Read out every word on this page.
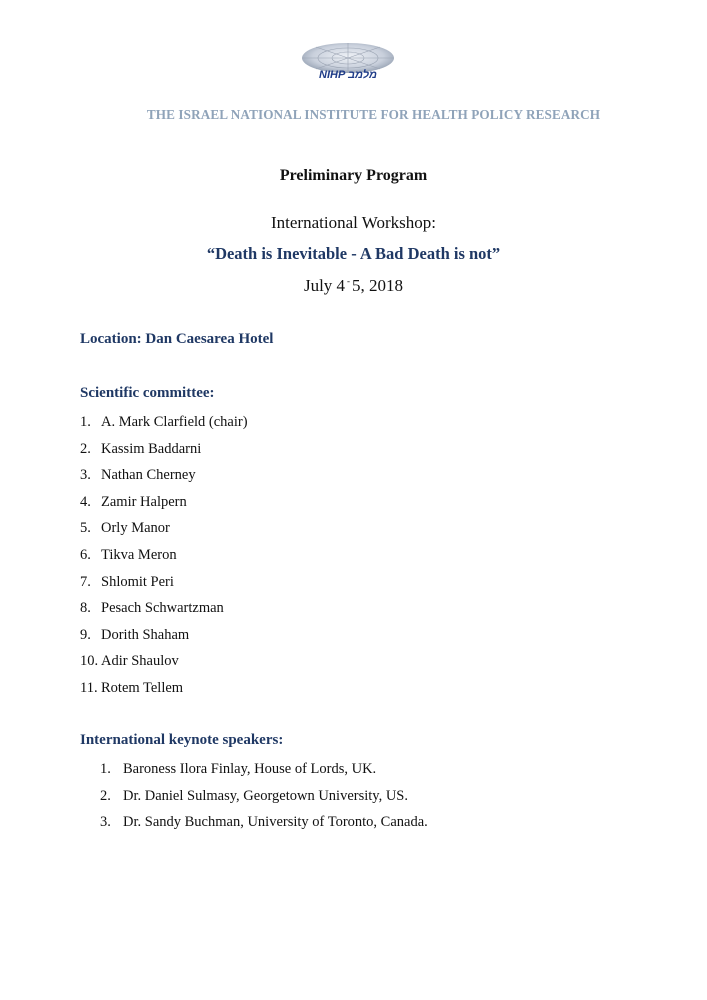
NIHP מלמב
THE ISRAEL NATIONAL INSTITUTE FOR HEALTH POLICY RESEARCH
Preliminary Program
International Workshop:
“Death is Inevitable - A Bad Death is not”
July 4 - 5, 2018
Location: Dan Caesarea Hotel
Scientific committee:
1. A. Mark Clarfield (chair)
2. Kassim Baddarni
3. Nathan Cherney
4. Zamir Halpern
5. Orly Manor
6. Tikva Meron
7. Shlomit Peri
8. Pesach Schwartzman
9. Dorith Shaham
10. Adir Shaulov
11. Rotem Tellem
International keynote speakers:
1. Baroness Ilora Finlay, House of Lords, UK.
2. Dr. Daniel Sulmasy, Georgetown University, US.
3. Dr. Sandy Buchman, University of Toronto, Canada.
